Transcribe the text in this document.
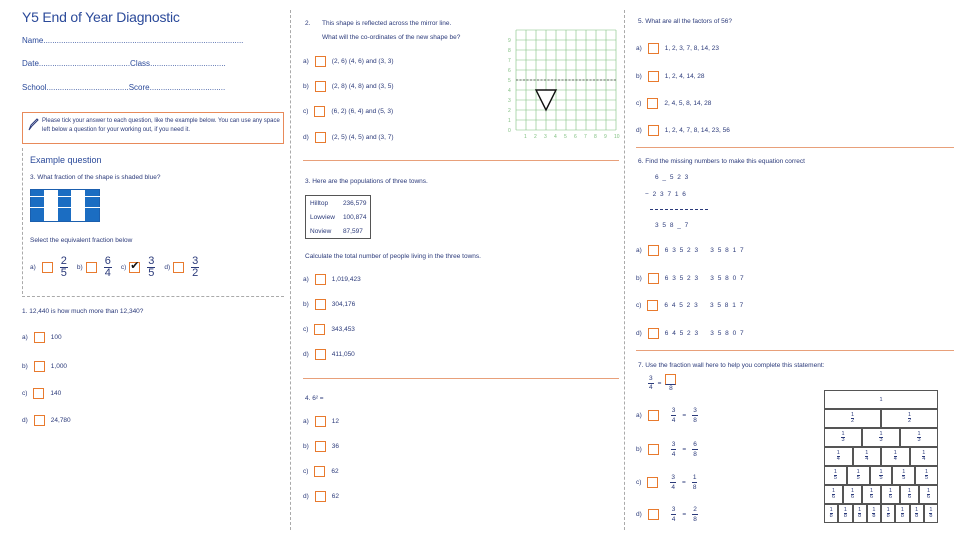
Y5 End of Year Diagnostic
Name..........................................................................................
Date.........................................Class..................................
School.....................................Score..................................
Please tick your answer to each question, like the example below. You can use any space left below a question for your working out, if you need it.
Example question
3. What fraction of the shape is shaded blue?
Select the equivalent fraction below
$a) \frac{2}{5} b) \frac{6}{4} c$) ✔ $\frac{3}{5} d) \frac{3}{2}$
1. 12,440 is how much more than 12,340?
a)	100
b)	1,000
c)	140
d)	24,780
2. This shape is reflected across the mirror line.
What will the co-ordinates of the new shape be?
a)	(2, 6) (4, 6) and (3, 3)
b)	(2, 8) (4, 8) and (3, 5)
c)	(6, 2) (6, 4) and (5, 3)
d)	(2, 5) (4, 5) and (3, 7)
9
8
7
6
5
4
3
2
1
0
1 2 3 4 5 6 7 8 9 10
3. Here are the populations of three towns.
Hilltop	236,579
Lowview	100,874
Noview	87,597
Calculate the total number of people living in the three towns.
a)	1,019,423
b)	304,176
c)	343,453
d)	411,050
4. 6² =
a)	12
b)	36
c)	62
d)	62
5. What are all the factors of 56?
a)	1, 2, 3, 7, 8, 14, 23
b)	1, 2, 4, 14, 28
c)	2, 4, 5, 8, 14, 28
d)	1, 2, 4, 7, 8, 14, 23, 56
6. Find the missing numbers to make this equation correct
6 _ 5 2 3
− 2 3 7 1 6
3 5 8 _ 7
a)	6 3 5 2 3    3 5 8 1 7
b)	6 3 5 2 3    3 5 8 0 7
c)	6 4 5 2 3    3 5 8 1 7
d)	6 4 5 2 3    3 5 8 0 7
7. Use the fraction wall here to help you complete this statement:
$\frac{3}{4}$ =
8
a)	$\frac{3}{4} = \frac{3}{8}$
b)	$\frac{3}{4} = \frac{6}{8}$
c)	$\frac{3}{4} = \frac{1}{8}$
d)	$\frac{3}{4} = \frac{2}{8}$
1
$\frac{1}{2}$	$\frac{1}{2}$
$\frac{1}{3}$	$\frac{1}{3}$	$\frac{1}{3}$
$\frac{1}{4}$	$\frac{1}{4}$	$\frac{1}{4}$	$\frac{1}{4}$
$\frac{1}{5}$	$\frac{1}{5}$	$\frac{1}{5}$	$\frac{1}{5}$	$\frac{1}{5}$
$\frac{1}{6}$	$\frac{1}{6}$	$\frac{1}{6}$	$\frac{1}{6}$	$\frac{1}{6}$	$\frac{1}{6}$
$\frac{1}{8} \frac{1}{8} \frac{1}{8} \frac{1}{8} \frac{1}{8} \frac{1}{8} \frac{1}{8} \frac{1}{8}$
